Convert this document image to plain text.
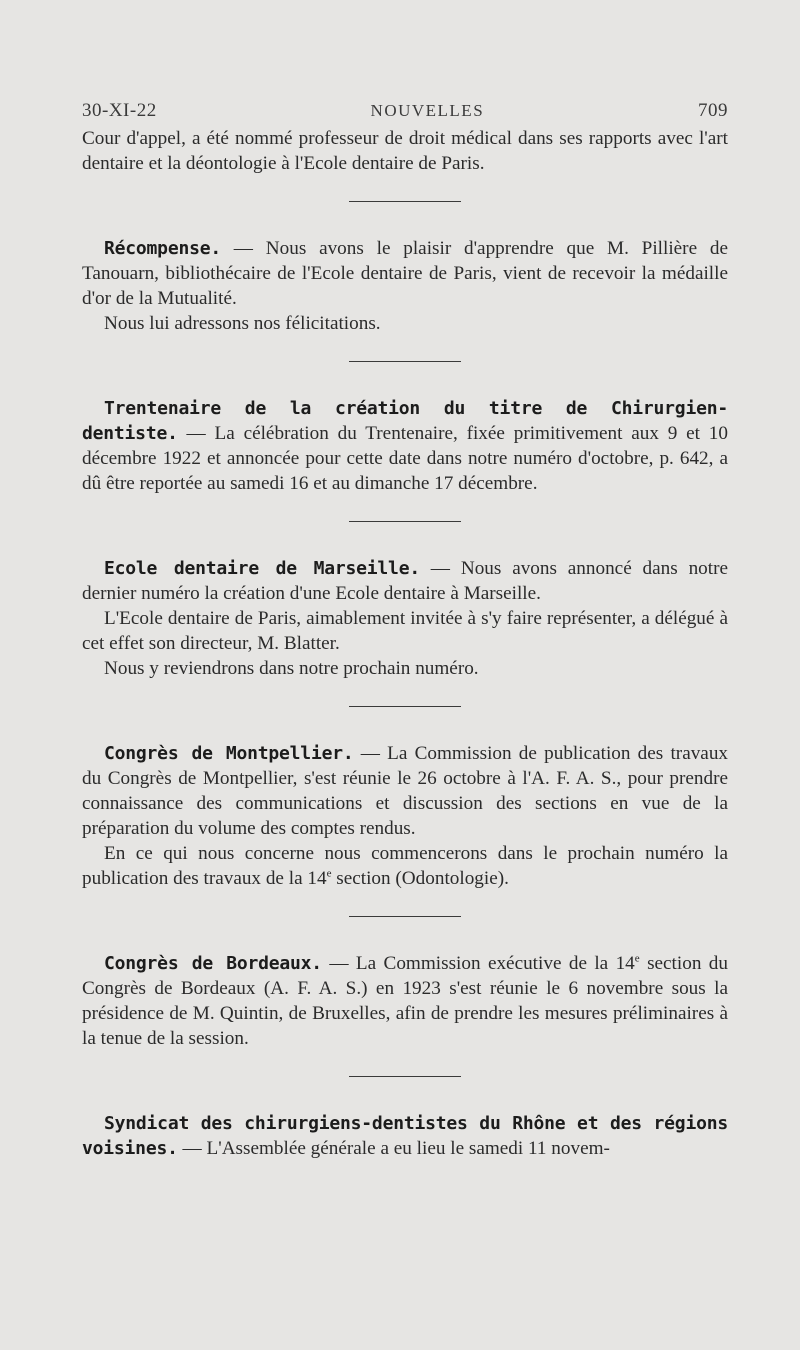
30-XI-22	NOUVELLES	709

Cour d'appel, a été nommé professeur de droit médical dans ses rapports avec l'art dentaire et la déontologie à l'Ecole dentaire de Paris.

Récompense. — Nous avons le plaisir d'apprendre que M. Pillière de Tanouarn, bibliothécaire de l'Ecole dentaire de Paris, vient de recevoir la médaille d'or de la Mutualité.

Nous lui adressons nos félicitations.

Trentenaire de la création du titre de Chirurgien-dentiste. — La célébration du Trentenaire, fixée primitivement aux 9 et 10 décembre 1922 et annoncée pour cette date dans notre numéro d'octobre, p. 642, a dû être reportée au samedi 16 et au dimanche 17 décembre.

Ecole dentaire de Marseille. — Nous avons annoncé dans notre dernier numéro la création d'une Ecole dentaire à Marseille.

L'Ecole dentaire de Paris, aimablement invitée à s'y faire représenter, a délégué à cet effet son directeur, M. Blatter.

Nous y reviendrons dans notre prochain numéro.

Congrès de Montpellier. — La Commission de publication des travaux du Congrès de Montpellier, s'est réunie le 26 octobre à l'A. F. A. S., pour prendre connaissance des communications et discussion des sections en vue de la préparation du volume des comptes rendus.

En ce qui nous concerne nous commencerons dans le prochain numéro la publication des travaux de la 14e section (Odontologie).

Congrès de Bordeaux. — La Commission exécutive de la 14e section du Congrès de Bordeaux (A. F. A. S.) en 1923 s'est réunie le 6 novembre sous la présidence de M. Quintin, de Bruxelles, afin de prendre les mesures préliminaires à la tenue de la session.

Syndicat des chirurgiens-dentistes du Rhône et des régions voisines. — L'Assemblée générale a eu lieu le samedi 11 novem-
